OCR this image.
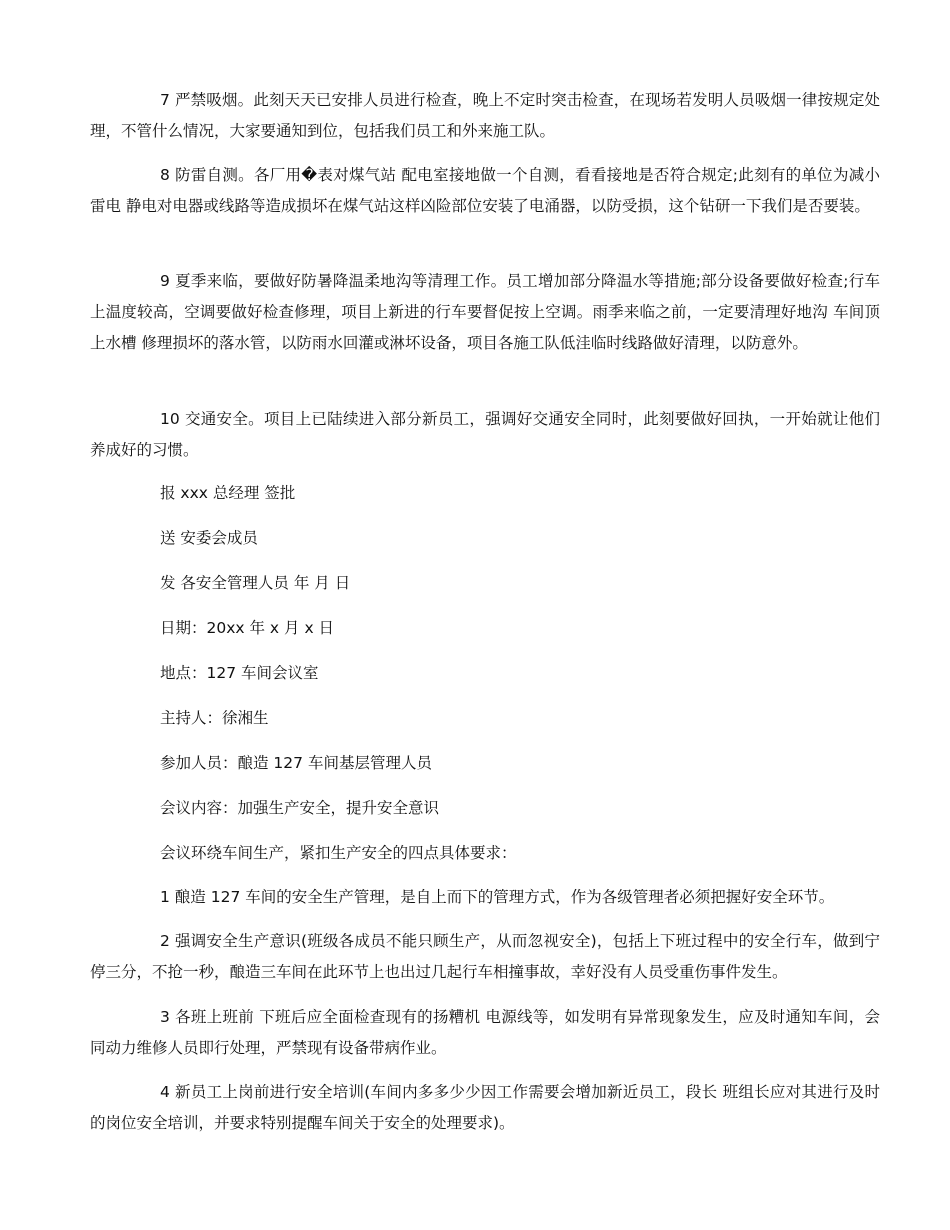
7 严禁吸烟。此刻天天已安排人员进行检查，晚上不定时突击检查，在现场若发明人员吸烟一律按规定处理，不管什么情况，大家要通知到位，包括我们员工和外来施工队。
8 防雷自测。各厂用�表对煤气站 配电室接地做一个自测，看看接地是否符合规定;此刻有的单位为减小雷电 静电对电器或线路等造成损坏在煤气站这样凶险部位安装了电涌器，以防受损，这个钻研一下我们是否要装。
9 夏季来临，要做好防暑降温柔地沟等清理工作。员工增加部分降温水等措施;部分设备要做好检查;行车上温度较高，空调要做好检查修理，项目上新进的行车要督促按上空调。雨季来临之前，一定要清理好地沟 车间顶上水槽 修理损坏的落水管，以防雨水回灌或淋坏设备，项目各施工队低洼临时线路做好清理，以防意外。
10 交通安全。项目上已陆续进入部分新员工，强调好交通安全同时，此刻要做好回执，一开始就让他们养成好的习惯。
报 xxx 总经理 签批
送 安委会成员
发 各安全管理人员 年 月 日
日期：20xx 年 x 月 x 日
地点：127 车间会议室
主持人：徐湘生
参加人员：酿造 127 车间基层管理人员
会议内容：加强生产安全，提升安全意识
会议环绕车间生产，紧扣生产安全的四点具体要求：
1 酿造 127 车间的安全生产管理，是自上而下的管理方式，作为各级管理者必须把握好安全环节。
2 强调安全生产意识(班级各成员不能只顾生产，从而忽视安全)，包括上下班过程中的安全行车，做到宁停三分，不抢一秒，酿造三车间在此环节上也出过几起行车相撞事故，幸好没有人员受重伤事件发生。
3 各班上班前 下班后应全面检查现有的扬糟机 电源线等，如发明有异常现象发生，应及时通知车间，会同动力维修人员即行处理，严禁现有设备带病作业。
4 新员工上岗前进行安全培训(车间内多多少少因工作需要会增加新近员工，段长 班组长应对其进行及时的岗位安全培训，并要求特别提醒车间关于安全的处理要求)。
